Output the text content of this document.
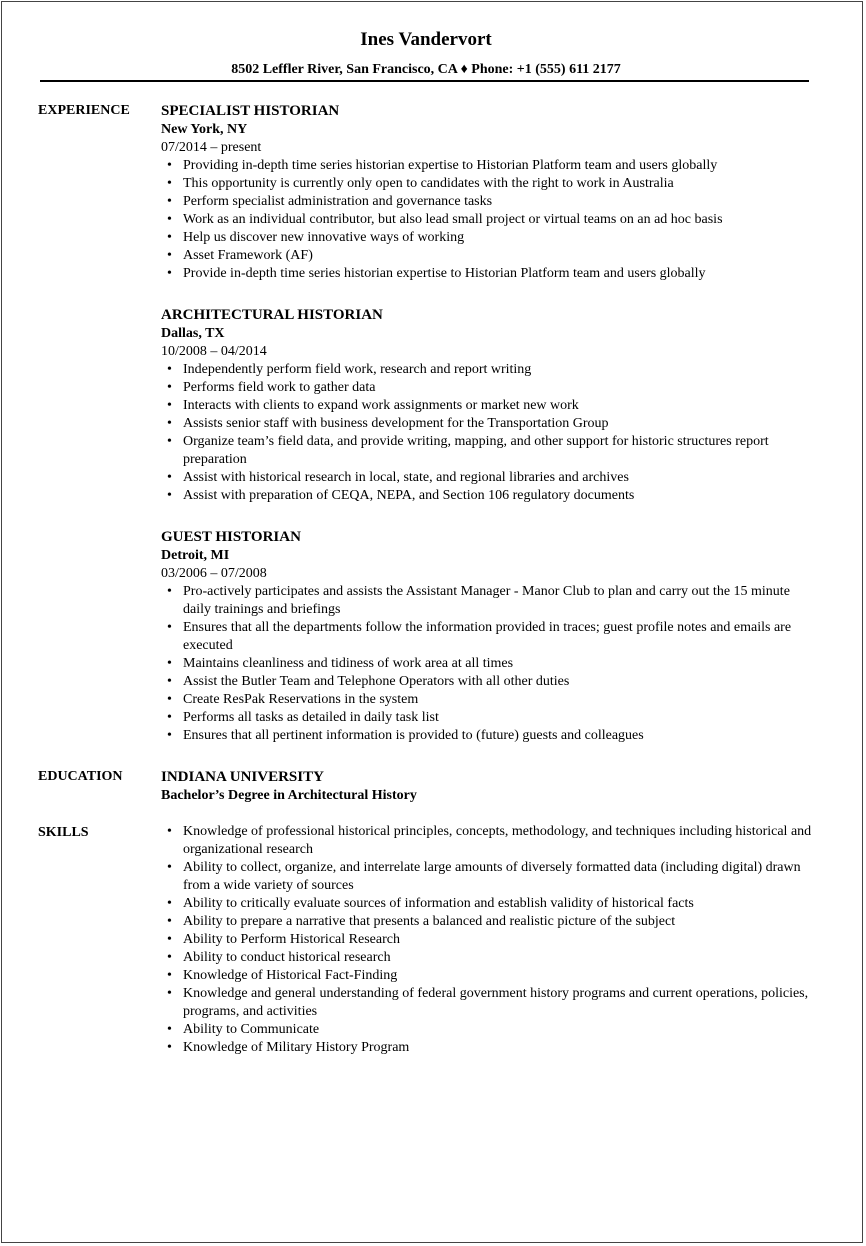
Ines Vandervort
8502 Leffler River, San Francisco, CA ♦ Phone: +1 (555) 611 2177
EXPERIENCE	SPECIALIST HISTORIAN
New York, NY
07/2014 – present
• Providing in-depth time series historian expertise to Historian Platform team and users globally
• This opportunity is currently only open to candidates with the right to work in Australia
• Perform specialist administration and governance tasks
• Work as an individual contributor, but also lead small project or virtual teams on an ad hoc basis
• Help us discover new innovative ways of working
• Asset Framework (AF)
• Provide in-depth time series historian expertise to Historian Platform team and users globally
ARCHITECTURAL HISTORIAN
Dallas, TX
10/2008 – 04/2014
• Independently perform field work, research and report writing
• Performs field work to gather data
• Interacts with clients to expand work assignments or market new work
• Assists senior staff with business development for the Transportation Group
• Organize team’s field data, and provide writing, mapping, and other support for historic structures report preparation
• Assist with historical research in local, state, and regional libraries and archives
• Assist with preparation of CEQA, NEPA, and Section 106 regulatory documents
GUEST HISTORIAN
Detroit, MI
03/2006 – 07/2008
• Pro-actively participates and assists the Assistant Manager - Manor Club to plan and carry out the 15 minute daily trainings and briefings
• Ensures that all the departments follow the information provided in traces; guest profile notes and emails are executed
• Maintains cleanliness and tidiness of work area at all times
• Assist the Butler Team and Telephone Operators with all other duties
• Create ResPak Reservations in the system
• Performs all tasks as detailed in daily task list
• Ensures that all pertinent information is provided to (future) guests and colleagues
EDUCATION	INDIANA UNIVERSITY
Bachelor’s Degree in Architectural History
SKILLS
•	Knowledge of professional historical principles, concepts, methodology, and techniques including historical and organizational research
• Ability to collect, organize, and interrelate large amounts of diversely formatted data (including digital) drawn from a wide variety of sources
• Ability to critically evaluate sources of information and establish validity of historical facts
• Ability to prepare a narrative that presents a balanced and realistic picture of the subject
• Ability to Perform Historical Research
• Ability to conduct historical research
• Knowledge of Historical Fact-Finding
• Knowledge and general understanding of federal government history programs and current operations, policies, programs, and activities
• Ability to Communicate
• Knowledge of Military History Program
